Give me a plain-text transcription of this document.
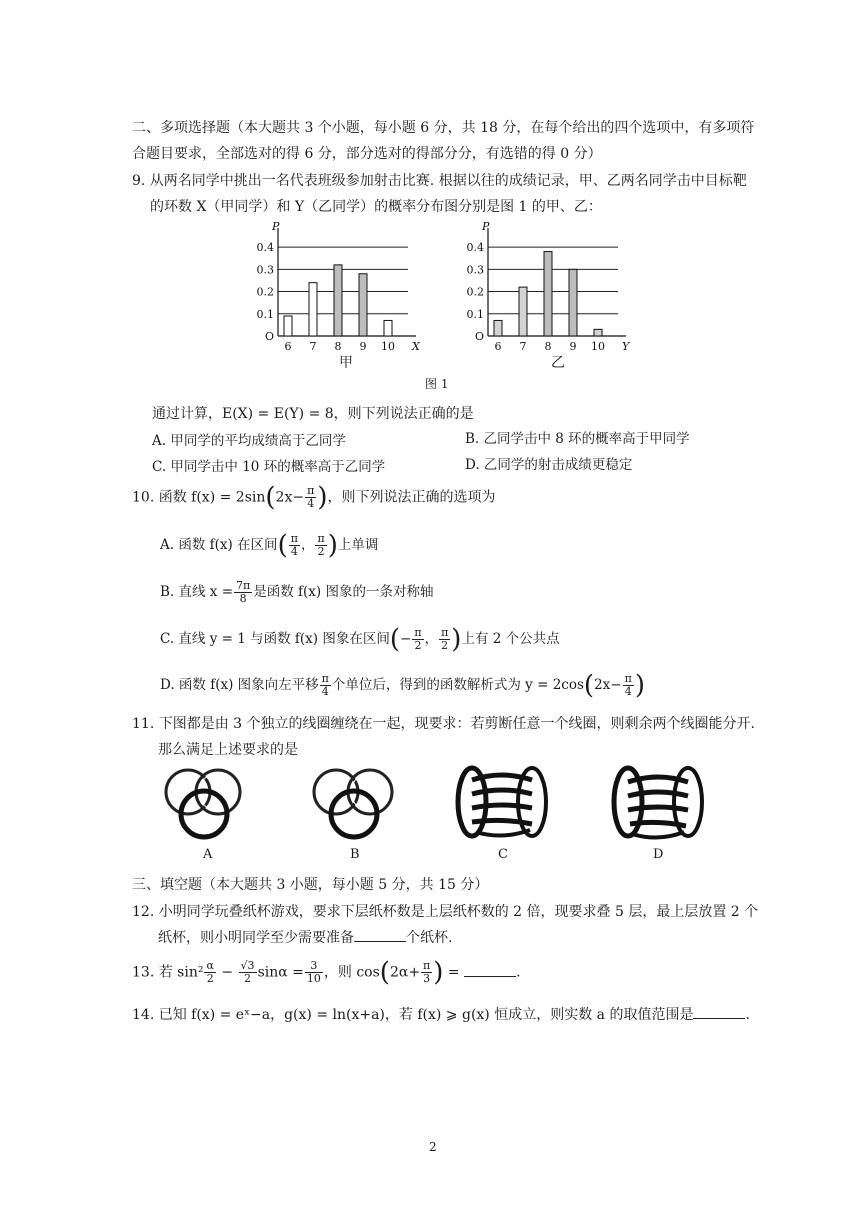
二、多项选择题（本大题共 3 个小题，每小题 6 分，共 18 分，在每个给出的四个选项中，有多项符
合题目要求，全部选对的得 6 分，部分选对的得部分分，有选错的得 0 分）
9. 从两名同学中挑出一名代表班级参加射击比赛. 根据以往的成绩记录，甲、乙两名同学击中目标靶
的环数 X（甲同学）和 Y（乙同学）的概率分布图分别是图 1 的甲、乙：
0.1
0.2
0.3
0.4
P
X
O
6 7 8 9 10
甲
0.1
0.2
0.3
0.4
P
Y
O
6 7 8 9 10
乙
图 1
通过计算，E(X) = E(Y) = 8，则下列说法正确的是
A. 甲同学的平均成绩高于乙同学	B. 乙同学击中 8 环的概率高于甲同学
C. 甲同学击中 10 环的概率高于乙同学	D. 乙同学的射击成绩更稳定
10. 函数 $f(x) = 2\sin(2x- \frac{\pi}{4}$ )，则下列说法正确的选项为
A. 函数 f(x) 在区间( $\frac{\pi}{4}$ ， $\frac{\pi}{2}$ )上单调
B. 直线 $x = \frac{7\pi}{8}$ 是函数 f(x) 图象的一条对称轴
C. 直线 y = 1 与函数 f(x) 图象在区间(− $\frac{\pi}{2}$ ， $\frac{\pi}{2}$ )上有 2 个公共点
D. 函数 f(x) 图象向左平移 $\frac{\pi}{4}$ 个单位后，得到的函数解析式为 $y = 2\cos(2x- \frac{\pi}{4}$ )
11. 下图都是由 3 个独立的线圈缠绕在一起，现要求：若剪断任意一个线圈，则剩余两个线圈能分开.
那么满足上述要求的是
A	B	C	D
三、填空题（本大题共 3 小题，每小题 5 分，共 15 分）
12. 小明同学玩叠纸杯游戏，要求下层纸杯数是上层纸杯数的 2 倍，现要求叠 5 层，最上层放置 2 个
纸杯，则小明同学至少需要准备	个纸杯.
13. 若 $\sin^2 \frac{\alpha}{2} - \frac{√3}{2}$ $\sin\alpha = \frac{3}{10}$ ，则 $\cos(2\alpha+ \frac{\pi}{3}$ ) =	.
14. 已知 f(x) = eˣ−a，g(x) = ln(x+a)，若 f(x) ⩾ g(x) 恒成立，则实数 a 的取值范围是	.
2
